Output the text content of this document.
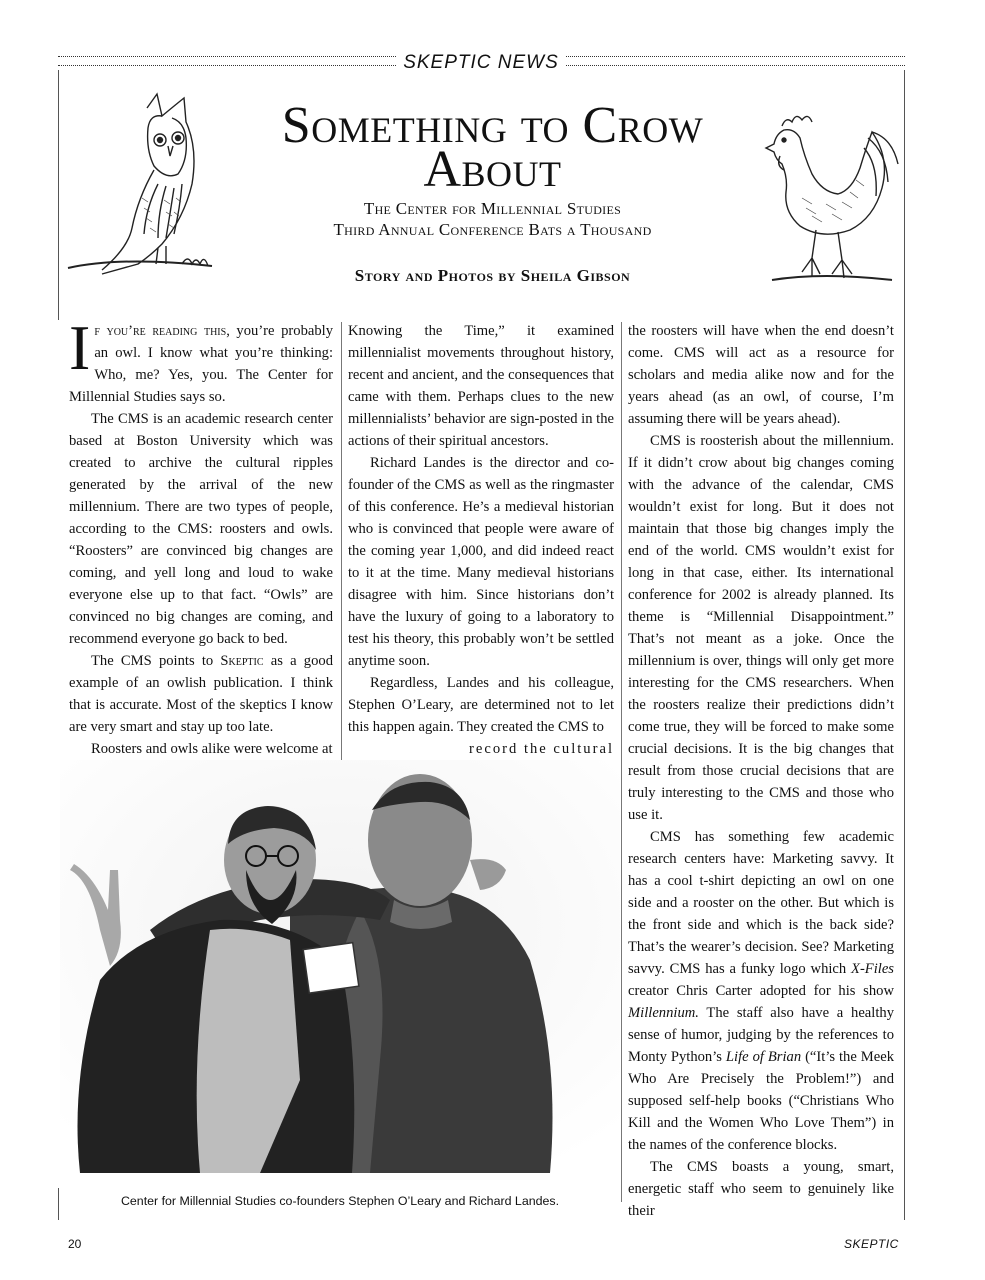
SKEPTIC NEWS
Something to Crow
About
The Center for Millennial Studies
Third Annual Conference Bats a Thousand
Story and Photos by Sheila Gibson

If you’re reading this, you’re probably an owl. I know what you’re thinking: Who, me? Yes, you. The Center for Millennial Studies says so.

The CMS is an academic research center based at Boston University which was created to archive the cultural ripples generated by the arrival of the new millennium. There are two types of people, according to the CMS: roosters and owls. “Roosters” are convinced big changes are coming, and yell long and loud to wake everyone else up to that fact. “Owls” are convinced no big changes are coming, and recommend everyone go back to bed.

The CMS points to Skeptic as a good example of an owlish publication. I think that is accurate. Most of the skeptics I know are very smart and stay up too late.

Roosters and owls alike were welcome at

Knowing the Time,” it examined millennialist movements throughout history, recent and ancient, and the consequences that came with them. Perhaps clues to the new millennialists’ behavior are sign-posted in the actions of their spiritual ancestors.

Richard Landes is the director and co-founder of the CMS as well as the ringmaster of this conference. He’s a medieval historian who is convinced that people were aware of the coming year 1,000, and did indeed react to it at the time. Many medieval historians disagree with him. Since historians don’t have the luxury of going to a laboratory to test his theory, this probably won’t be settled anytime soon.

Regardless, Landes and his colleague, Stephen O’Leary, are determined not to let this happen again. They created the CMS to

record the cultural

the roosters will have when the end doesn’t come. CMS will act as a resource for scholars and media alike now and for the years ahead (as an owl, of course, I’m assuming there will be years ahead).

CMS is roosterish about the millennium. If it didn’t crow about big changes coming with the advance of the calendar, CMS wouldn’t exist for long. But it does not maintain that those big changes imply the end of the world. CMS wouldn’t exist for long in that case, either. Its international conference for 2002 is already planned. Its theme is “Millennial Disappointment.” That’s not meant as a joke. Once the millennium is over, things will only get more interesting for the CMS researchers. When the roosters realize their predictions didn’t come true, they will be forced to make some crucial decisions. It is the big changes that result from those crucial decisions that are truly interesting to the CMS and those who use it.

CMS has something few academic research centers have: Marketing savvy. It has a cool t-shirt depicting an owl on one side and a rooster on the other. But which is the front side and which is the back side? That’s the wearer’s decision. See? Marketing savvy. CMS has a funky logo which X-Files creator Chris Carter adopted for his show Millennium. The staff also have a healthy sense of humor, judging by the references to Monty Python’s Life of Brian (“It’s the Meek Who Are Precisely the Problem!”) and supposed self-help books (“Christians Who Kill and the Women Who Love Them”) in the names of the conference blocks.

The CMS boasts a young, smart, energetic staff who seem to genuinely like their

Center for Millennial Studies co-founders Stephen O’Leary and Richard Landes.
20	SKEPTIC
